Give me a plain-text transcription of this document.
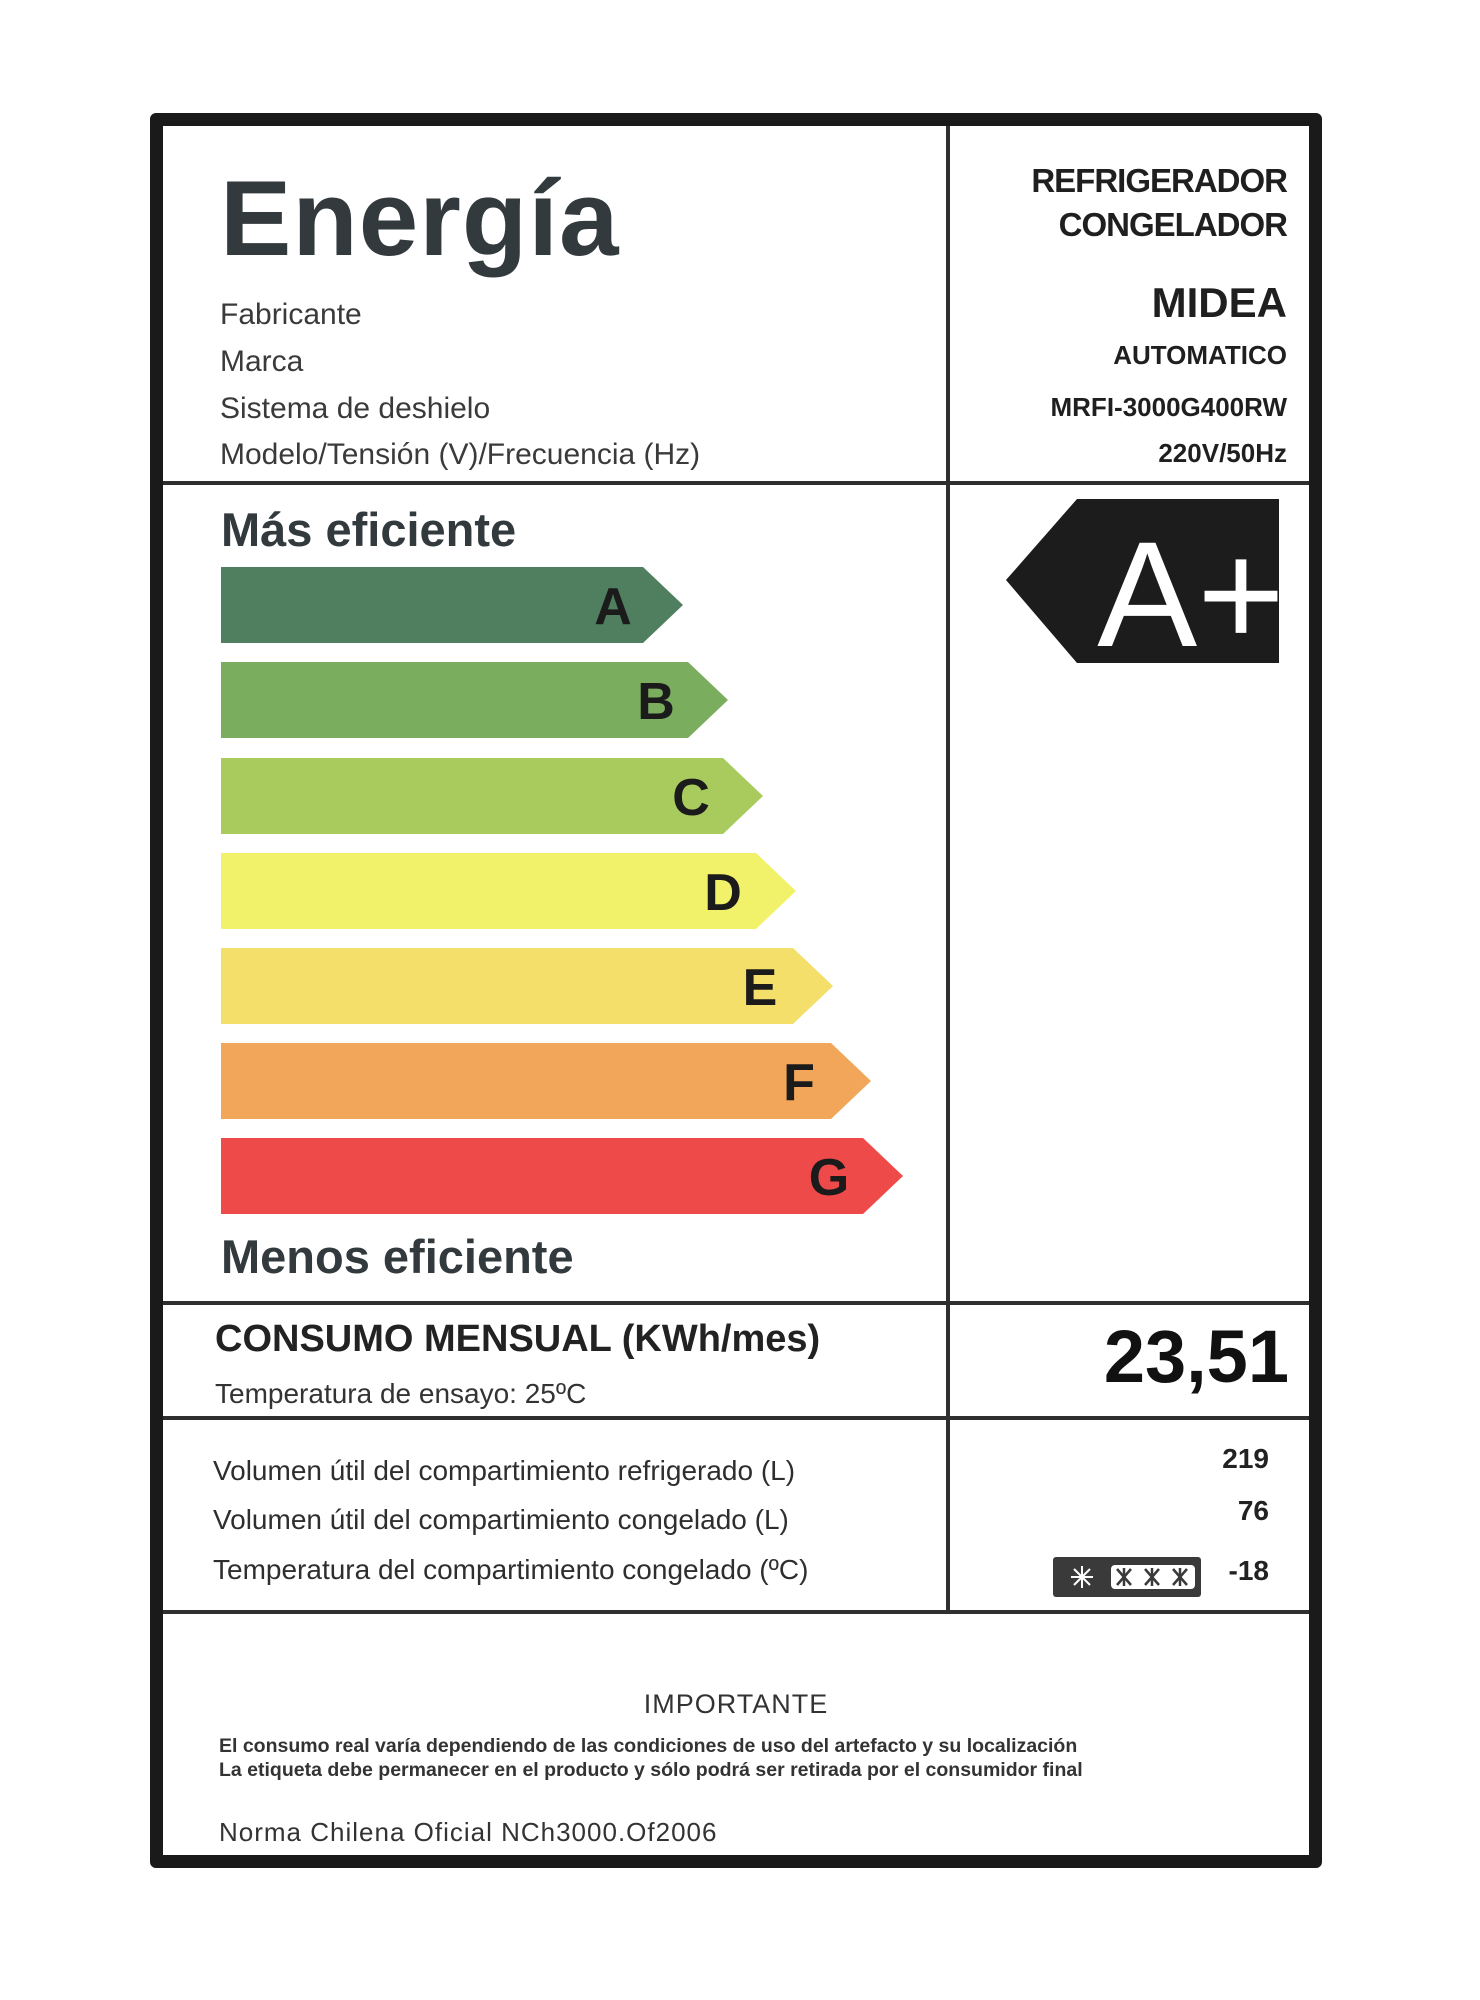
Energía
Fabricante
Marca
Sistema de deshielo
Modelo/Tensión (V)/Frecuencia (Hz)
REFRIGERADOR
CONGELADOR
MIDEA
AUTOMATICO
MRFI-3000G400RW
220V/50Hz
Más eficiente
Menos eficiente
A
B
C
D
E
F
G
A+
CONSUMO MENSUAL (KWh/mes)
Temperatura de ensayo: 25ºC	23,51
Volumen útil del compartimiento refrigerado (L)
Volumen útil del compartimiento congelado (L)
Temperatura del compartimiento congelado (ºC)
219
76
-18
IMPORTANTE
El consumo real varía dependiendo de las condiciones de uso del artefacto y su localización
La etiqueta debe permanecer en el producto y sólo podrá ser retirada por el consumidor final
Norma Chilena Oficial NCh3000.Of2006
